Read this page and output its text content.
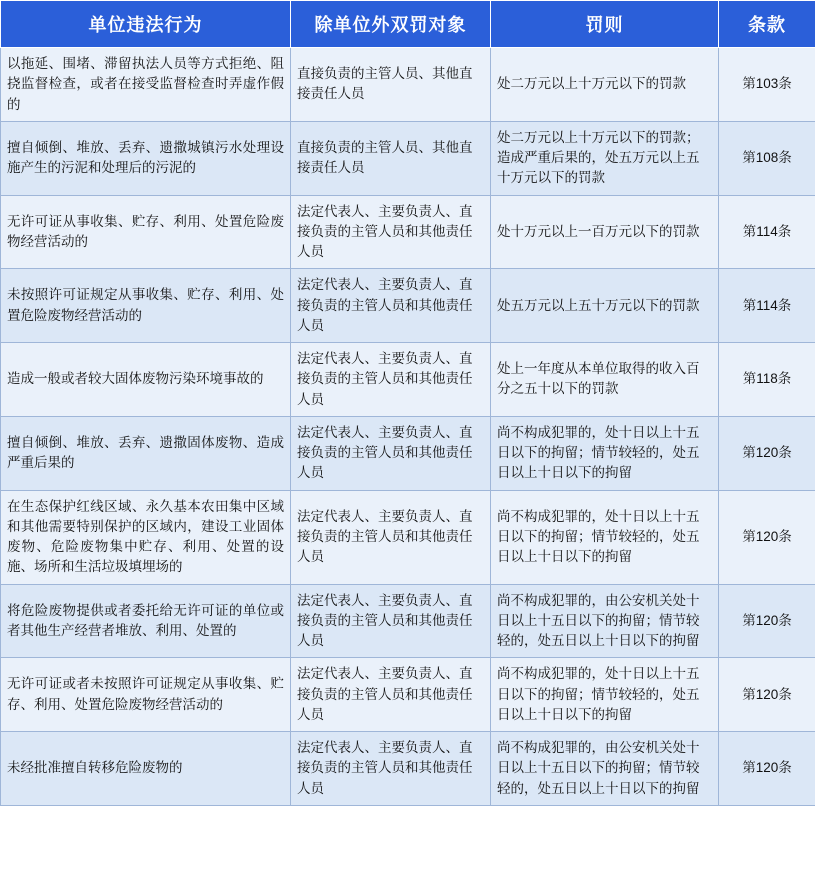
单位违法行为	除单位外双罚对象	罚则	条款
以拖延、围堵、滞留执法人员等方式拒绝、阻挠监督检查，或者在接受监督检查时弄虚作假的	直接负责的主管人员、其他直接责任人员	处二万元以上十万元以下的罚款	第103条
擅自倾倒、堆放、丢弃、遗撒城镇污水处理设施产生的污泥和处理后的污泥的	直接负责的主管人员、其他直接责任人员	处二万元以上十万元以下的罚款；造成严重后果的，处五万元以上五十万元以下的罚款	第108条
无许可证从事收集、贮存、利用、处置危险废物经营活动的	法定代表人、主要负责人、直接负责的主管人员和其他责任人员	处十万元以上一百万元以下的罚款	第114条
未按照许可证规定从事收集、贮存、利用、处置危险废物经营活动的	法定代表人、主要负责人、直接负责的主管人员和其他责任人员	处五万元以上五十万元以下的罚款	第114条
造成一般或者较大固体废物污染环境事故的	法定代表人、主要负责人、直接负责的主管人员和其他责任人员	处上一年度从本单位取得的收入百分之五十以下的罚款	第118条
擅自倾倒、堆放、丢弃、遗撒固体废物、造成严重后果的	法定代表人、主要负责人、直接负责的主管人员和其他责任人员	尚不构成犯罪的，处十日以上十五日以下的拘留；情节较轻的，处五日以上十日以下的拘留	第120条
在生态保护红线区域、永久基本农田集中区域和其他需要特别保护的区域内，建设工业固体废物、危险废物集中贮存、利用、处置的设施、场所和生活垃圾填埋场的	法定代表人、主要负责人、直接负责的主管人员和其他责任人员	尚不构成犯罪的，处十日以上十五日以下的拘留；情节较轻的，处五日以上十日以下的拘留	第120条
将危险废物提供或者委托给无许可证的单位或者其他生产经营者堆放、利用、处置的	法定代表人、主要负责人、直接负责的主管人员和其他责任人员	尚不构成犯罪的，由公安机关处十日以上十五日以下的拘留；情节较轻的，处五日以上十日以下的拘留	第120条
无许可证或者未按照许可证规定从事收集、贮存、利用、处置危险废物经营活动的	法定代表人、主要负责人、直接负责的主管人员和其他责任人员	尚不构成犯罪的，处十日以上十五日以下的拘留；情节较轻的，处五日以上十日以下的拘留	第120条
未经批准擅自转移危险废物的	法定代表人、主要负责人、直接负责的主管人员和其他责任人员	尚不构成犯罪的，由公安机关处十日以上十五日以下的拘留；情节较轻的，处五日以上十日以下的拘留	第120条
